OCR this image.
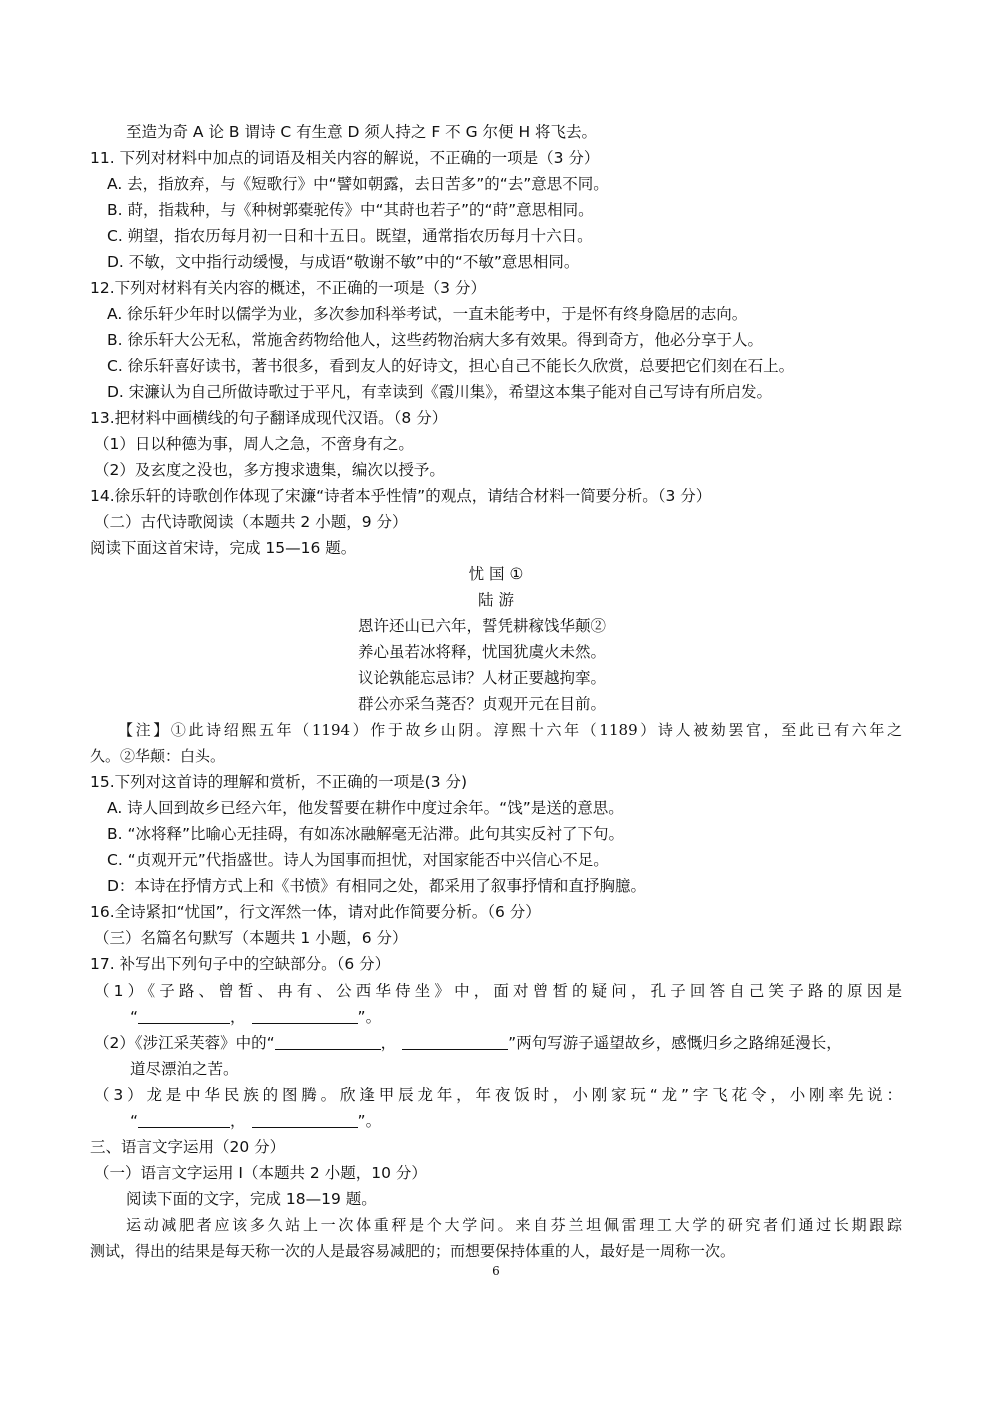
至造为奇 A 论 B 谓诗 C 有生意 D 须人持之 F 不 G 尔便 H 将飞去。
11. 下列对材料中加点的词语及相关内容的解说，不正确的一项是（3 分）
A. 去，指放弃，与《短歌行》中“譬如朝露，去日苦多”的“去”意思不同。
B. 莳，指栽种，与《种树郭橐驼传》中“其莳也若子”的“莳”意思相同。
C. 朔望，指农历每月初一日和十五日。既望，通常指农历每月十六日。
D. 不敏，文中指行动缓慢，与成语“敬谢不敏”中的“不敏”意思相同。
12.下列对材料有关内容的概述，不正确的一项是（3 分）
A. 徐乐轩少年时以儒学为业，多次参加科举考试，一直未能考中，于是怀有终身隐居的志向。
B. 徐乐轩大公无私，常施舍药物给他人，这些药物治病大多有效果。得到奇方，他必分享于人。
C. 徐乐轩喜好读书，著书很多，看到友人的好诗文，担心自己不能长久欣赏，总要把它们刻在石上。
D. 宋濂认为自己所做诗歌过于平凡，有幸读到《霞川集》，希望这本集子能对自己写诗有所启发。
13.把材料中画横线的句子翻译成现代汉语。（8 分）
（1）日以种德为事，周人之急，不啻身有之。
（2）及玄度之没也，多方搜求遗集，编次以授予。
14.徐乐轩的诗歌创作体现了宋濂“诗者本乎性情”的观点，请结合材料一简要分析。（3 分）
（二）古代诗歌阅读（本题共 2 小题，9 分）
阅读下面这首宋诗，完成 15—16 题。
忧 国 ①
陆 游
恩许还山已六年，誓凭耕稼饯华颠②
养心虽若冰将释，忧国犹虞火未然。
议论孰能忘忌讳？人材正要越拘挛。
群公亦采刍荛否？贞观开元在目前。
【注】①此诗绍熙五年（1194）作于故乡山阴。淳熙十六年（1189）诗人被劾罢官，至此已有六年之
久。②华颠：白头。
15.下列对这首诗的理解和赏析，不正确的一项是(3 分)
A. 诗人回到故乡已经六年，他发誓要在耕作中度过余年。“饯”是送的意思。
B. “冰将释”比喻心无挂碍，有如冻冰融解毫无沾滞。此句其实反衬了下句。
C. “贞观开元”代指盛世。诗人为国事而担忧，对国家能否中兴信心不足。
D：本诗在抒情方式上和《书愤》有相同之处，都采用了叙事抒情和直抒胸臆。
16.全诗紧扣“忧国”，行文浑然一体，请对此作简要分析。（6 分）
（三）名篇名句默写（本题共 1 小题，6 分）
17. 补写出下列句子中的空缺部分。（6 分）
（1）《子路、曾皙、冉有、公西华侍坐》中，面对曾皙的疑问，孔子回答自己笑子路的原因是
“	，	”。
（2）《涉江采芙蓉》中的“	，	”两句写游子遥望故乡，感慨归乡之路绵延漫长，
道尽漂泊之苦。
（3）龙是中华民族的图腾。欣逢甲辰龙年，年夜饭时，小刚家玩“龙”字飞花令，小刚率先说：
“	，	”。
三、语言文字运用（20 分）
（一）语言文字运用 I（本题共 2 小题，10 分）
阅读下面的文字，完成 18—19 题。
运动减肥者应该多久站上一次体重秤是个大学问。来自芬兰坦佩雷理工大学的研究者们通过长期跟踪
测试，得出的结果是每天称一次的人是最容易减肥的；而想要保持体重的人，最好是一周称一次。
6
